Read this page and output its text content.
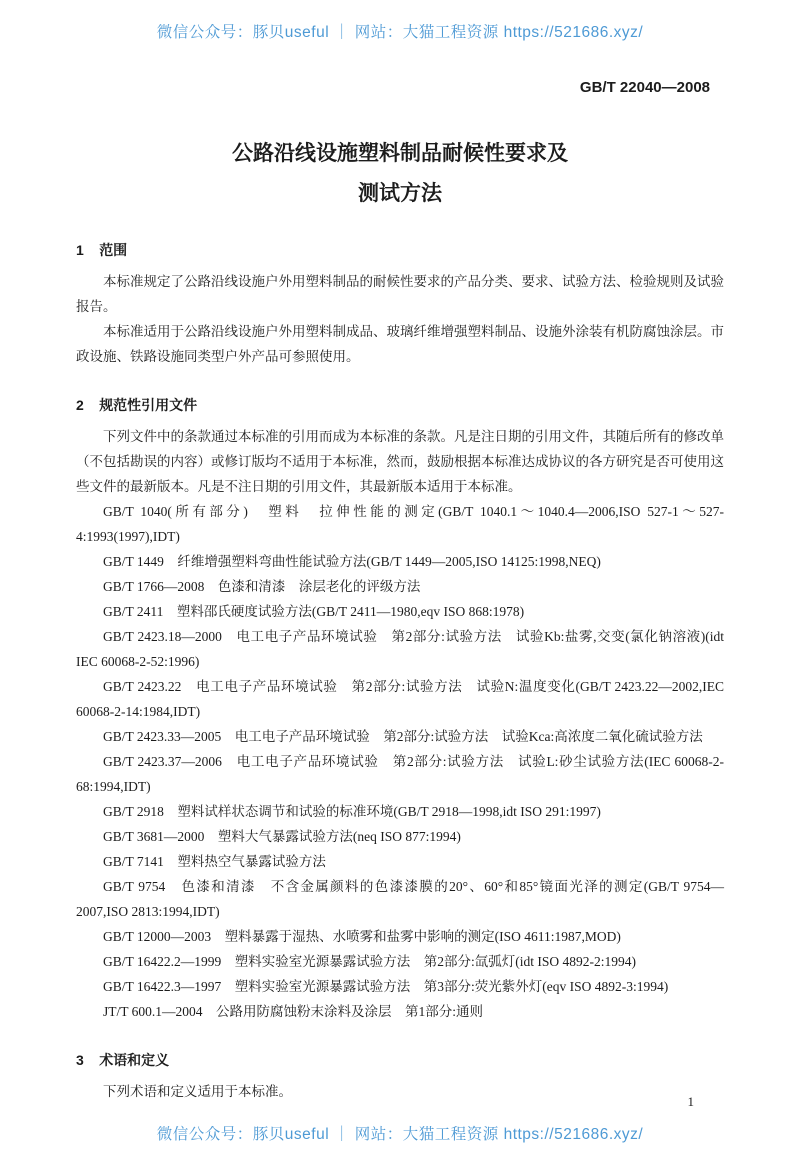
微信公众号：豚贝useful ｜ 网站：大猫工程资源 https://521686.xyz/
GB/T 22040—2008
公路沿线设施塑料制品耐候性要求及
测试方法
1 范围
本标准规定了公路沿线设施户外用塑料制品的耐候性要求的产品分类、要求、试验方法、检验规则及试验报告。
本标准适用于公路沿线设施户外用塑料制成品、玻璃纤维增强塑料制品、设施外涂装有机防腐蚀涂层。市政设施、铁路设施同类型户外产品可参照使用。
2 规范性引用文件
下列文件中的条款通过本标准的引用而成为本标准的条款。凡是注日期的引用文件，其随后所有的修改单（不包括勘误的内容）或修订版均不适用于本标准，然而，鼓励根据本标准达成协议的各方研究是否可使用这些文件的最新版本。凡是不注日期的引用文件，其最新版本适用于本标准。
GB/T 1040(所有部分)　塑料　拉伸性能的测定(GB/T 1040.1～1040.4—2006,ISO 527-1～527-4:1993(1997),IDT)
GB/T 1449　纤维增强塑料弯曲性能试验方法(GB/T 1449—2005,ISO 14125:1998,NEQ)
GB/T 1766—2008　色漆和清漆　涂层老化的评级方法
GB/T 2411　塑料邵氏硬度试验方法(GB/T 2411—1980,eqv ISO 868:1978)
GB/T 2423.18—2000　电工电子产品环境试验　第2部分:试验方法　试验Kb:盐雾,交变(氯化钠溶液)(idt IEC 60068-2-52:1996)
GB/T 2423.22　电工电子产品环境试验　第2部分:试验方法　试验N:温度变化(GB/T 2423.22—2002,IEC 60068-2-14:1984,IDT)
GB/T 2423.33—2005　电工电子产品环境试验　第2部分:试验方法　试验Kca:高浓度二氧化硫试验方法
GB/T 2423.37—2006　电工电子产品环境试验　第2部分:试验方法　试验L:砂尘试验方法(IEC 60068-2-68:1994,IDT)
GB/T 2918　塑料试样状态调节和试验的标准环境(GB/T 2918—1998,idt ISO 291:1997)
GB/T 3681—2000　塑料大气暴露试验方法(neq ISO 877:1994)
GB/T 7141　塑料热空气暴露试验方法
GB/T 9754　色漆和清漆　不含金属颜料的色漆漆膜的20°、60°和85°镜面光泽的测定(GB/T 9754—2007,ISO 2813:1994,IDT)
GB/T 12000—2003　塑料暴露于湿热、水喷雾和盐雾中影响的测定(ISO 4611:1987,MOD)
GB/T 16422.2—1999　塑料实验室光源暴露试验方法　第2部分:氙弧灯(idt ISO 4892-2:1994)
GB/T 16422.3—1997　塑料实验室光源暴露试验方法　第3部分:荧光紫外灯(eqv ISO 4892-3:1994)
JT/T 600.1—2004　公路用防腐蚀粉末涂料及涂层　第1部分:通则
3 术语和定义
下列术语和定义适用于本标准。
1
微信公众号：豚贝useful ｜ 网站：大猫工程资源 https://521686.xyz/
